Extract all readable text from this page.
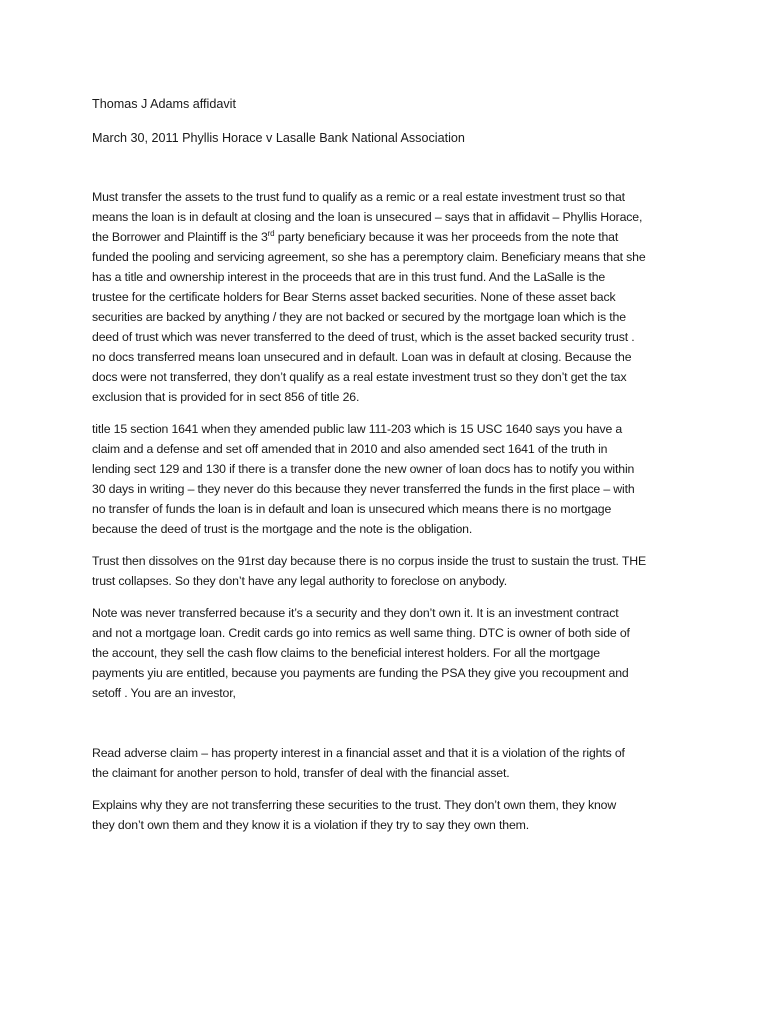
Thomas J Adams affidavit
March 30, 2011 Phyllis Horace v Lasalle Bank National Association
Must transfer the assets to the trust fund to qualify as a remic or a real estate investment trust so that
means the loan is in default at closing and the loan is unsecured – says that in affidavit – Phyllis Horace,
the Borrower and Plaintiff is the 3rd party beneficiary because it was her proceeds from the note that
funded the pooling and servicing agreement, so she has a peremptory claim. Beneficiary means that she
has a title and ownership interest in the proceeds that are in this trust fund. And the LaSalle is the
trustee for the certificate holders for Bear Sterns asset backed securities. None of these asset back
securities are backed by anything / they are not backed or secured by the mortgage loan which is the
deed of trust which was never transferred to the deed of trust, which is the asset backed security trust .
no docs transferred means loan unsecured and in default. Loan was in default at closing. Because the
docs were not transferred, they don’t qualify as a real estate investment trust so they don’t get the tax
exclusion that is provided for in sect 856 of title 26.
title 15 section 1641 when they amended public law 111-203 which is 15 USC 1640 says you have a
claim and a defense and set off amended that in 2010 and also amended sect 1641 of the truth in
lending sect 129 and 130 if there is a transfer done the new owner of loan docs has to notify you within
30 days in writing – they never do this because they never transferred the funds in the first place – with
no transfer of funds the loan is in default and loan is unsecured which means there is no mortgage
because the deed of trust is the mortgage and the note is the obligation.
Trust then dissolves on the 91rst day because there is no corpus inside the trust to sustain the trust. THE
trust collapses. So they don’t have any legal authority to foreclose on anybody.
Note was never transferred because it’s a security and they don’t own it. It is an investment contract
and not a mortgage loan. Credit cards go into remics as well same thing. DTC is owner of both side of
the account, they sell the cash flow claims to the beneficial interest holders. For all the mortgage
payments yiu are entitled, because you payments are funding the PSA they give you recoupment and
setoff . You are an investor,
Read adverse claim – has property interest in a financial asset and that it is a violation of the rights of
the claimant for another person to hold, transfer of deal with the financial asset.
Explains why they are not transferring these securities to the trust. They don’t own them, they know
they don’t own them and they know it is a violation if they try to say they own them.
